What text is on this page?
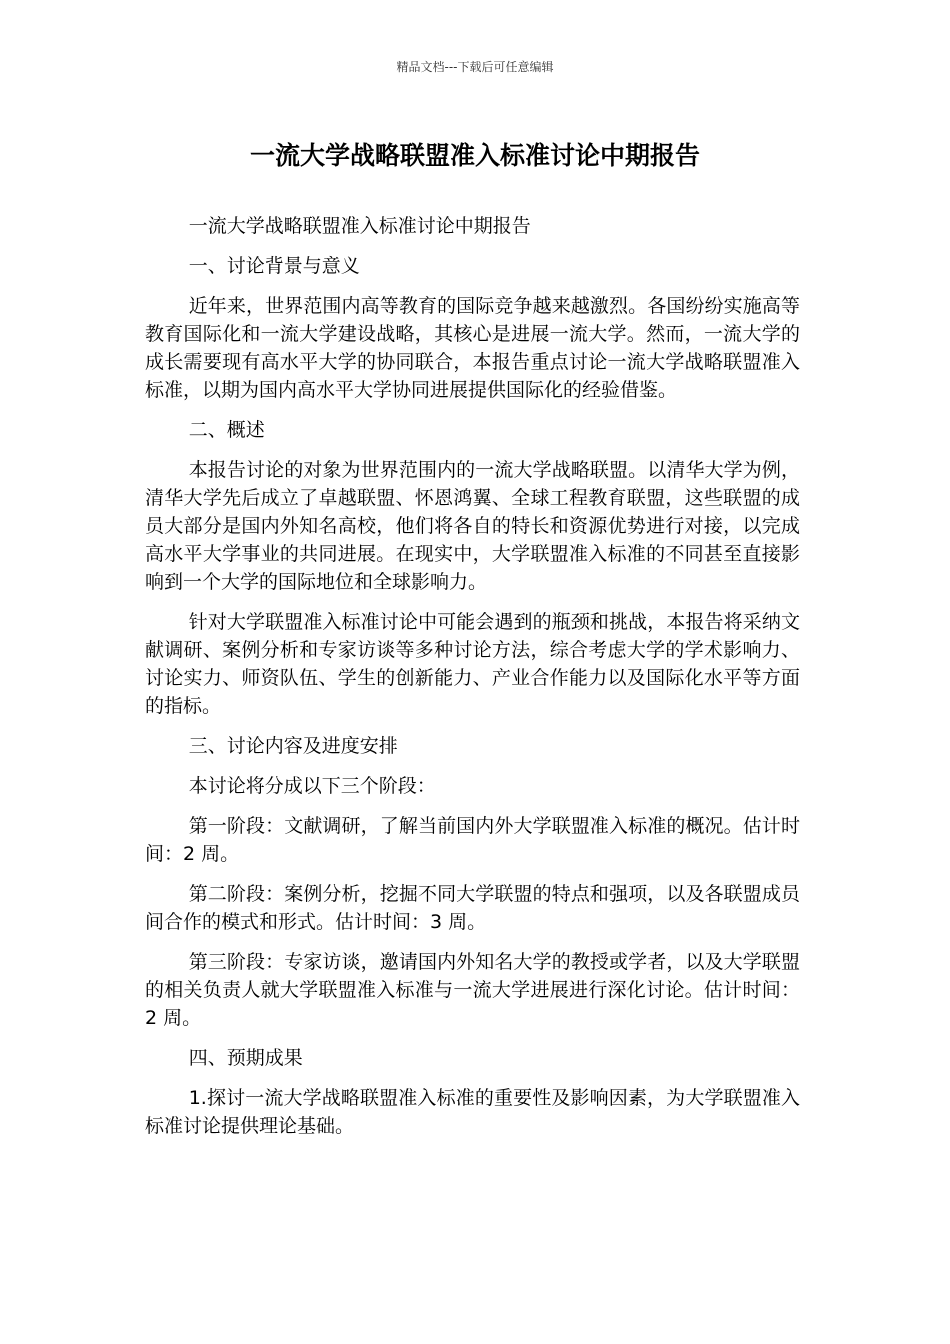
精品文档---下载后可任意编辑
一流大学战略联盟准入标准讨论中期报告

一流大学战略联盟准入标准讨论中期报告

一、讨论背景与意义

近年来，世界范围内高等教育的国际竞争越来越激烈。各国纷纷实施高等教育国际化和一流大学建设战略，其核心是进展一流大学。然而，一流大学的成长需要现有高水平大学的协同联合，本报告重点讨论一流大学战略联盟准入标准，以期为国内高水平大学协同进展提供国际化的经验借鉴。

二、概述

本报告讨论的对象为世界范围内的一流大学战略联盟。以清华大学为例，清华大学先后成立了卓越联盟、怀恩鸿翼、全球工程教育联盟，这些联盟的成员大部分是国内外知名高校，他们将各自的特长和资源优势进行对接，以完成高水平大学事业的共同进展。在现实中，大学联盟准入标准的不同甚至直接影响到一个大学的国际地位和全球影响力。

针对大学联盟准入标准讨论中可能会遇到的瓶颈和挑战，本报告将采纳文献调研、案例分析和专家访谈等多种讨论方法，综合考虑大学的学术影响力、讨论实力、师资队伍、学生的创新能力、产业合作能力以及国际化水平等方面的指标。

三、讨论内容及进度安排

本讨论将分成以下三个阶段：

第一阶段：文献调研，了解当前国内外大学联盟准入标准的概况。估计时间：2 周。

第二阶段：案例分析，挖掘不同大学联盟的特点和强项，以及各联盟成员间合作的模式和形式。估计时间：3 周。

第三阶段：专家访谈，邀请国内外知名大学的教授或学者，以及大学联盟的相关负责人就大学联盟准入标准与一流大学进展进行深化讨论。估计时间：2 周。

四、预期成果

1.探讨一流大学战略联盟准入标准的重要性及影响因素，为大学联盟准入标准讨论提供理论基础。
